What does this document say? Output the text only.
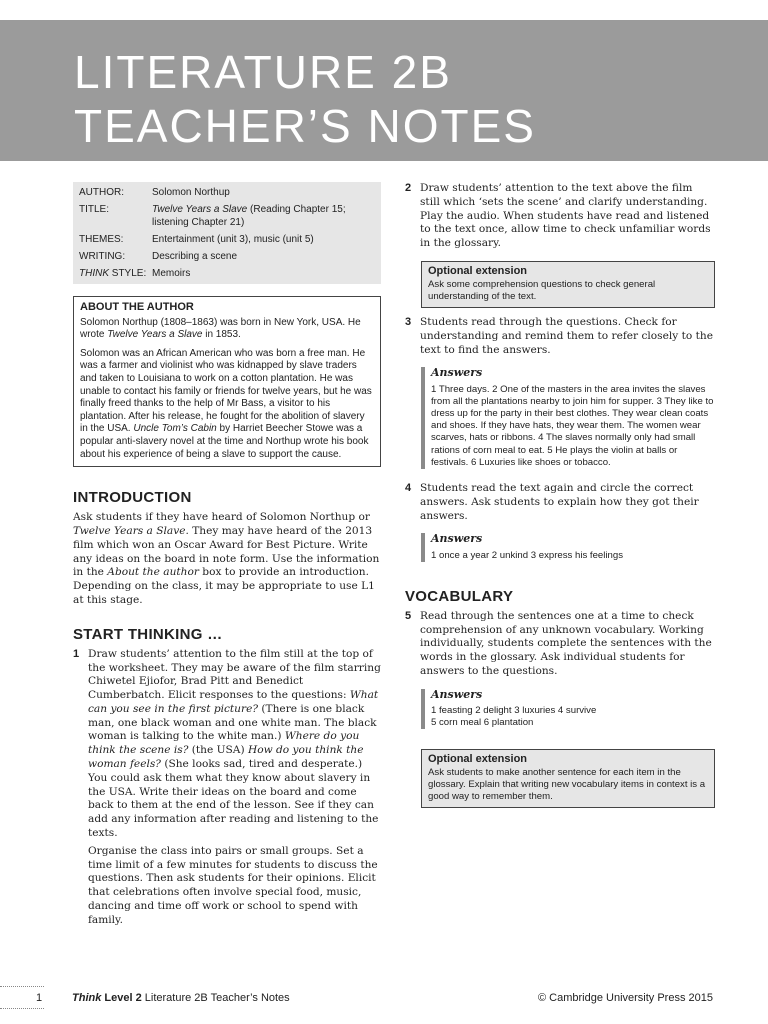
LITERATURE 2B
TEACHER’S NOTES
AUTHOR:	Solomon Northup
TITLE:	Twelve Years a Slave (Reading Chapter 15; listening Chapter 21)
THEMES:	Entertainment (unit 3), music (unit 5)
WRITING:	Describing a scene
THINK STYLE: Memoirs
ABOUT THE AUTHOR

Solomon Northup (1808–1863) was born in New York, USA. He wrote Twelve Years a Slave in 1853.

Solomon was an African American who was born a free man. He was a farmer and violinist who was kidnapped by slave traders and taken to Louisiana to work on a cotton plantation. He was unable to contact his family or friends for twelve years, but he was finally freed thanks to the help of Mr Bass, a visitor to his plantation. After his release, he fought for the abolition of slavery in the USA. Uncle Tom’s Cabin by Harriet Beecher Stowe was a popular anti-slavery novel at the time and Northup wrote his book about his experience of being a slave to support the cause.

INTRODUCTION

Ask students if they have heard of Solomon Northup or Twelve Years a Slave. They may have heard of the 2013 film which won an Oscar Award for Best Picture. Write any ideas on the board in note form. Use the information in the About the author box to provide an introduction. Depending on the class, it may be appropriate to use L1 at this stage.

START THINKING …
1 Draw students’ attention to the film still at the top of the worksheet. They may be aware of the film starring Chiwetel Ejiofor, Brad Pitt and Benedict Cumberbatch. Elicit responses to the questions: What can you see in the first picture? (There is one black man, one black woman and one white man. The black woman is talking to the white man.) Where do you think the scene is? (the USA) How do you think the woman feels? (She looks sad, tired and desperate.) You could ask them what they know about slavery in the USA. Write their ideas on the board and come back to them at the end of the lesson. See if they can add any information after reading and listening to the texts.

Organise the class into pairs or small groups. Set a time limit of a few minutes for students to discuss the questions. Then ask students for their opinions. Elicit that celebrations often involve special food, music, dancing and time off work or school to spend with family.

2 Draw students’ attention to the text above the film still which ‘sets the scene’ and clarify understanding. Play the audio. When students have read and listened to the text once, allow time to check unfamiliar words in the glossary.

Optional extension
Ask some comprehension questions to check general understanding of the text.
3 Students read through the questions. Check for understanding and remind them to refer closely to the text to find the answers.

Answers

1 Three days. 2 One of the masters in the area invites the slaves from all the plantations nearby to join him for supper. 3 They like to dress up for the party in their best clothes. They wear clean coats and shoes. If they have hats, they wear them. The women wear scarves, hats or ribbons. 4 The slaves normally only had small rations of corn meal to eat. 5 He plays the violin at balls or festivals. 6 Luxuries like shoes or tobacco.

4 Students read the text again and circle the correct answers. Ask students to explain how they got their answers.

Answers

1 once a year 2 unkind 3 express his feelings

VOCABULARY
5 Read through the sentences one at a time to check comprehension of any unknown vocabulary. Working individually, students complete the sentences with the words in the glossary. Ask individual students for answers to the questions.

Answers

1 feasting 2 delight 3 luxuries 4 survive

5 corn meal 6 plantation

Optional extension
Ask students to make another sentence for each item in the glossary. Explain that writing new vocabulary items in context is a good way to remember them.
1	Think Level 2 Literature 2B Teacher’s Notes	© Cambridge University Press 2015
